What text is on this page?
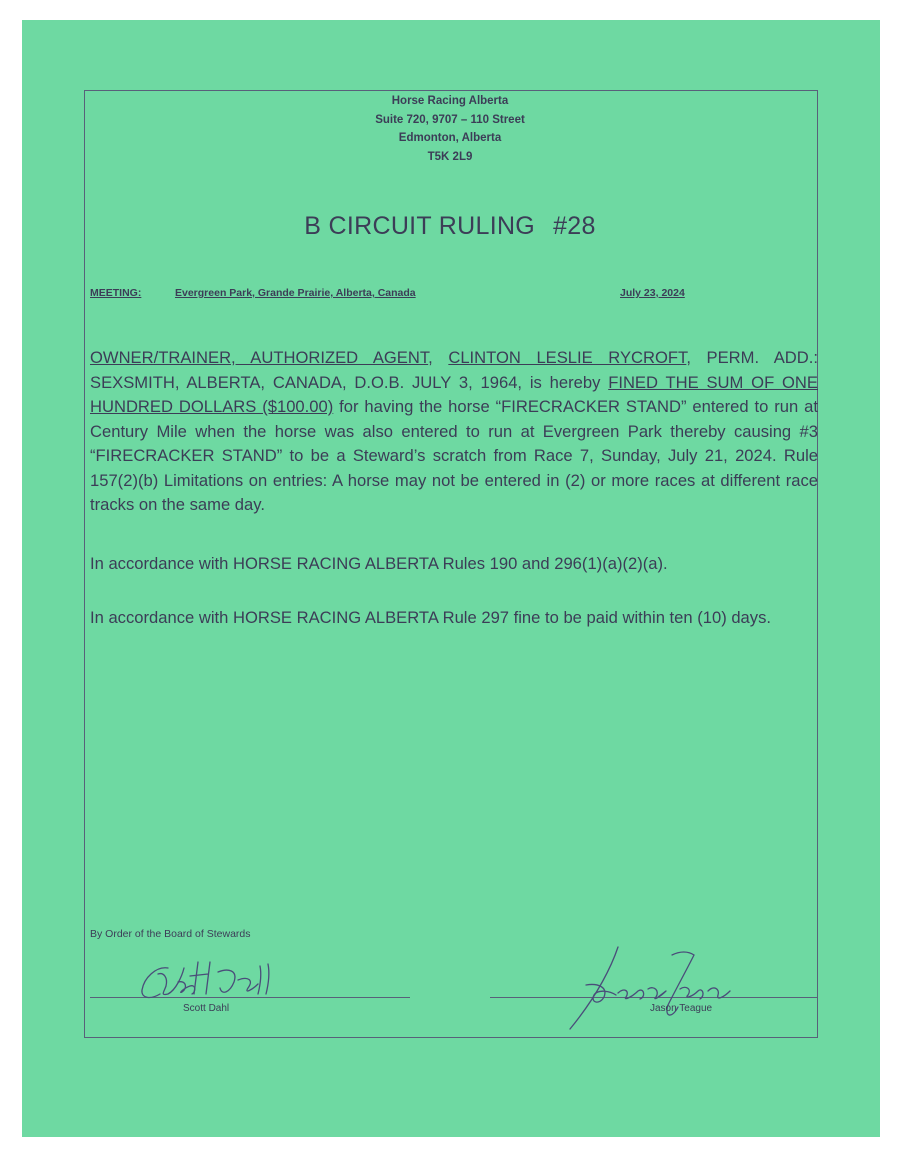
Horse Racing Alberta
Suite 720, 9707 – 110 Street
Edmonton, Alberta
T5K 2L9
B CIRCUIT RULING #28
MEETING:	Evergreen Park, Grande Prairie, Alberta, Canada	July 23, 2024
OWNER/TRAINER, AUTHORIZED AGENT, CLINTON LESLIE RYCROFT, PERM. ADD.: SEXSMITH, ALBERTA, CANADA, D.O.B. JULY 3, 1964, is hereby FINED THE SUM OF ONE HUNDRED DOLLARS ($100.00) for having the horse “FIRECRACKER STAND” entered to run at Century Mile when the horse was also entered to run at Evergreen Park thereby causing #3 “FIRECRACKER STAND” to be a Steward’s scratch from Race 7, Sunday, July 21, 2024. Rule 157(2)(b) Limitations on entries: A horse may not be entered in (2) or more races at different race tracks on the same day.
In accordance with HORSE RACING ALBERTA Rules 190 and 296(1)(a)(2)(a).
In accordance with HORSE RACING ALBERTA Rule 297 fine to be paid within ten (10) days.
By Order of the Board of Stewards
Scott Dahl	Jason Teague
